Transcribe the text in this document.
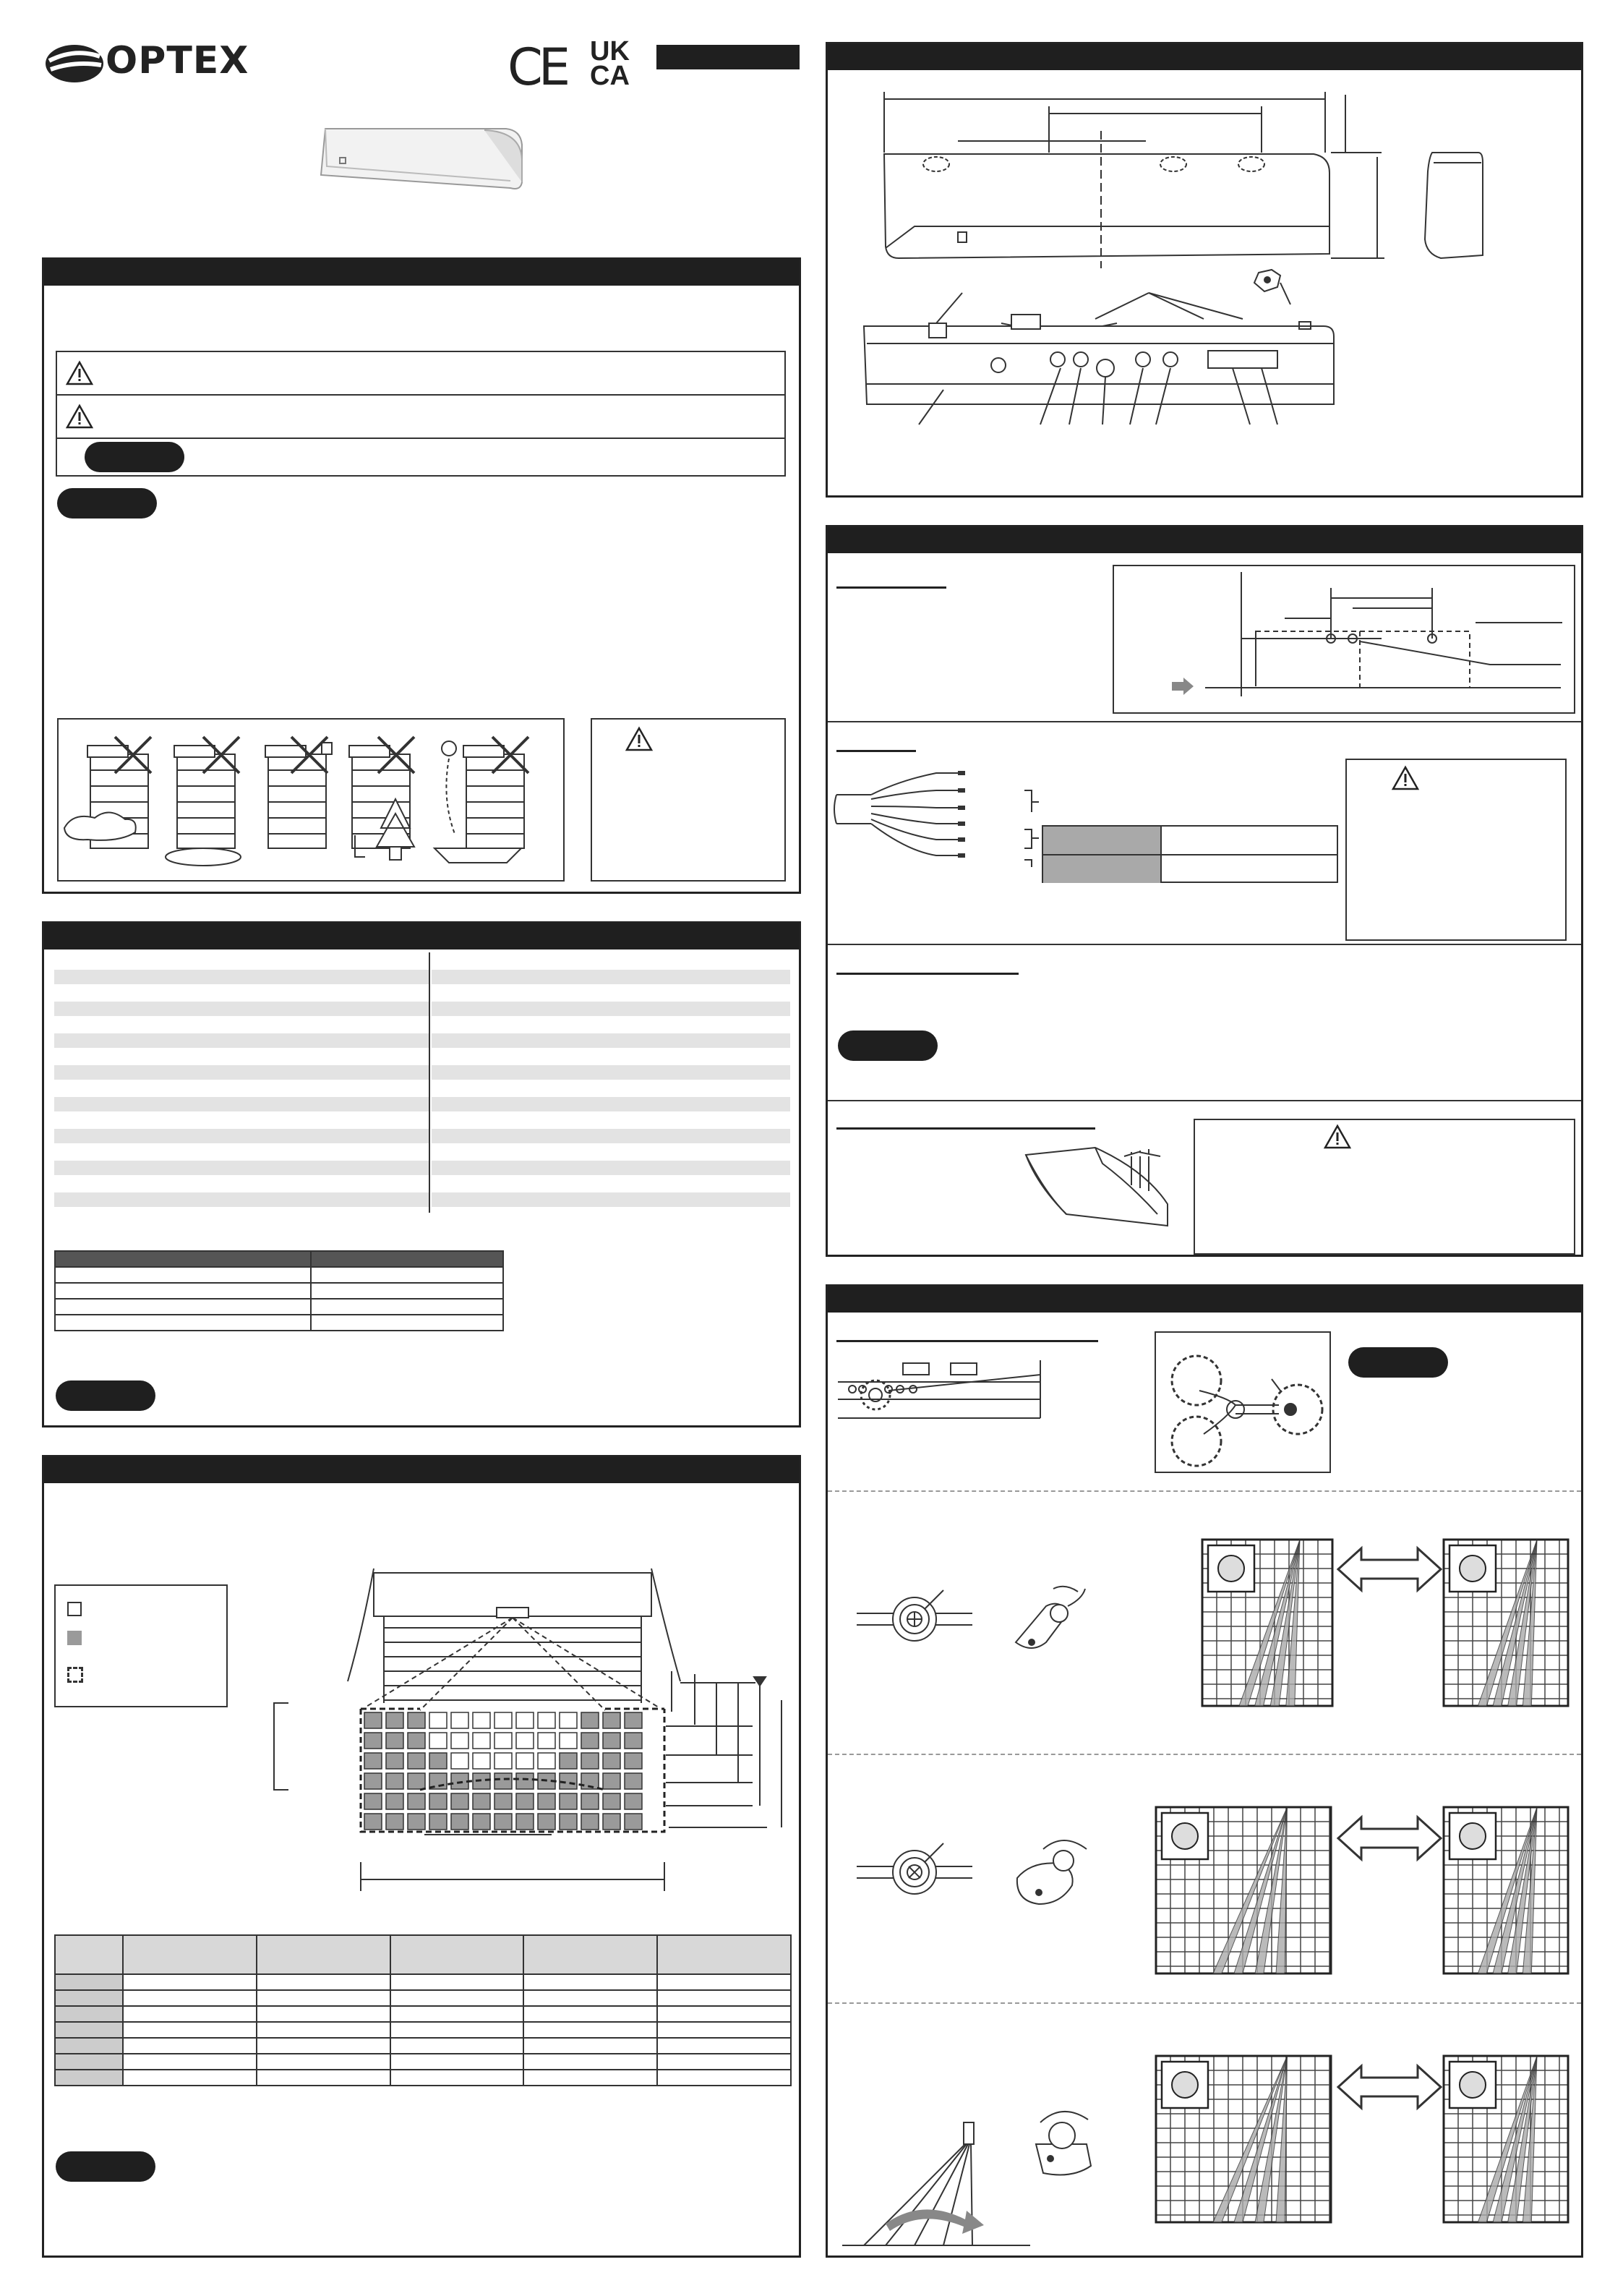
OPTEX	CE UK
CA
